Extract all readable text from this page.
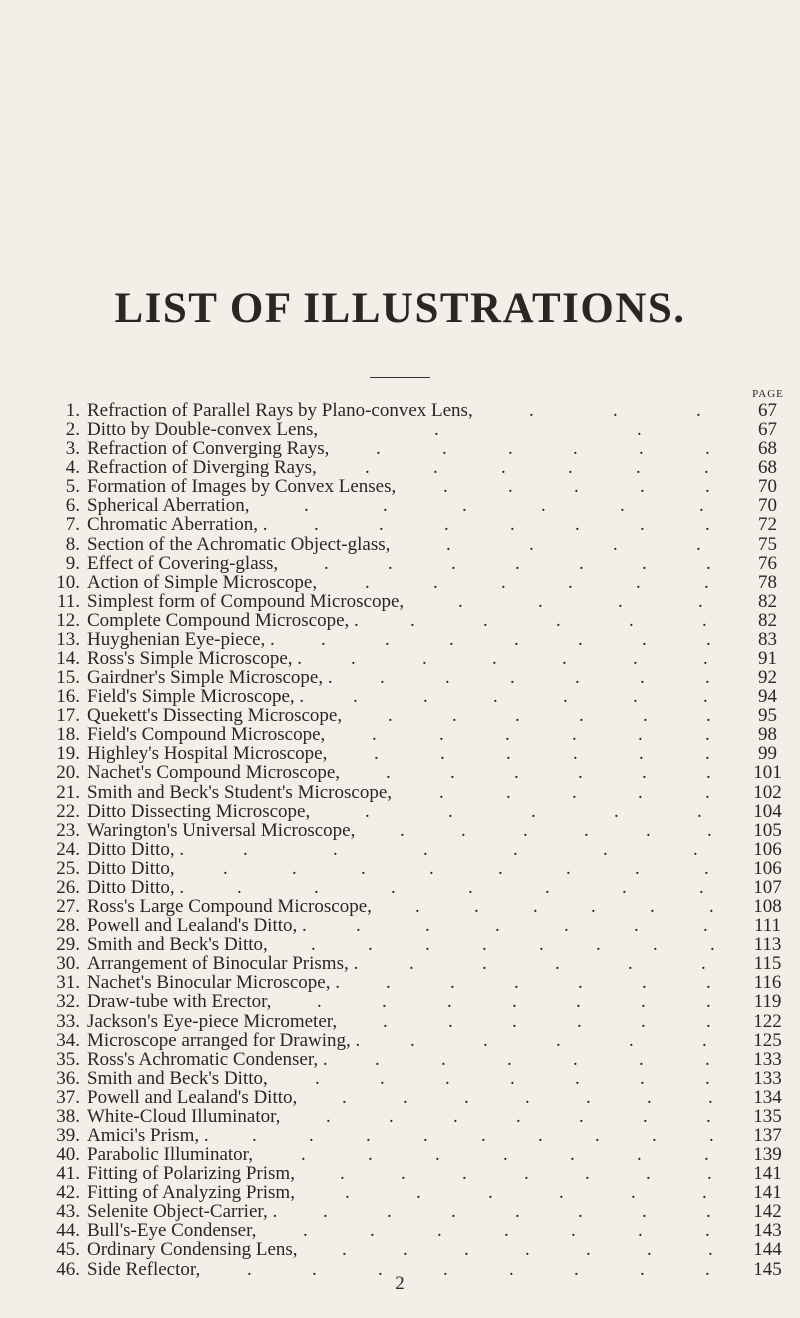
LIST OF ILLUSTRATIONS.
PAGE
1. Refraction of Parallel Rays by Plano-convex Lens,	.	.	.	67
2. Ditto by Double-convex Lens,	.	.	67
3. Refraction of Converging Rays, .	.	.	.	.	.	68
4. Refraction of Diverging Rays,	.	.	.	.	.	.	68
5. Formation of Images by Convex Lenses, .	.	.	.	.	70
6. Spherical Aberration,	.	.	.	.	.	.	70
7. Chromatic Aberration, . .	.	.	.	.	.	.	72
8. Section of the Achromatic Object-glass,	.	.	.	.	75
9. Effect of Covering-glass, .	.	.	.	.	.	.	76
10. Action of Simple Microscope,	.	.	.	.	.	.	78
11. Simplest form of Compound Microscope,	.	.	.	.	82
12. Complete Compound Microscope, .	.	.	.	.	.	82
13. Huyghenian Eye-piece, . .	.	.	.	.	.	.	83
14. Ross's Simple Microscope, .	.	.	.	.	.	.	91
15. Gairdner's Simple Microscope, . .	.	.	.	.	.	92
16. Field's Simple Microscope, .	.	.	.	.	.	.	94
17. Quekett's Dissecting Microscope, .	.	.	.	.	.	95
18. Field's Compound Microscope, .	.	.	.	.	.	98
19. Highley's Hospital Microscope, .	.	.	.	.	.	99
20. Nachet's Compound Microscope, .	.	.	.	.	.	101
21. Smith and Beck's Student's Microscope, .	.	.	.	.	102
22. Ditto Dissecting Microscope,	.	.	.	.	.	104
23. Warington's Universal Microscope, .	.	.	.	.	.	105
24. Ditto Ditto, .	.	.	.	.	.	.	106
25. Ditto Ditto,	.	.	.	.	.	.	.	.	106
26. Ditto Ditto, .	.	.	.	.	.	.	.	107
27. Ross's Large Compound Microscope, .	.	.	.	.	.	108
28. Powell and Lealand's Ditto, .	.	.	.	.	.	.	111
29. Smith and Beck's Ditto, .	.	.	.	.	.	.	.	113
30. Arrangement of Binocular Prisms, .	.	.	.	.	.	115
31. Nachet's Binocular Microscope, . .	.	.	.	.	.	116
32. Draw-tube with Erector, .	.	.	.	.	.	.	119
33. Jackson's Eye-piece Micrometer, .	.	.	.	.	.	122
34. Microscope arranged for Drawing, .	.	.	.	.	.	125
35. Ross's Achromatic Condenser, . .	.	.	.	.	.	133
36. Smith and Beck's Ditto, .	.	.	.	.	.	.	133
37. Powell and Lealand's Ditto, .	.	.	.	.	.	.	134
38. White-Cloud Illuminator, .	.	.	.	.	.	.	135
39. Amici's Prism, . .	.	.	.	.	.	.	.	.	137
40. Parabolic Illuminator,	.	.	.	.	.	.	.	139
41. Fitting of Polarizing Prism, .	.	.	.	.	.	.	141
42. Fitting of Analyzing Prism,	.	.	.	.	.	.	141
43. Selenite Object-Carrier, . .	.	.	.	.	.	.	142
44. Bull's-Eye Condenser, .	.	.	.	.	.	.	143
45. Ordinary Condensing Lens, .	.	.	.	.	.	.	144
46. Side Reflector, .	.	.	.	.	.	.	.	145
2
